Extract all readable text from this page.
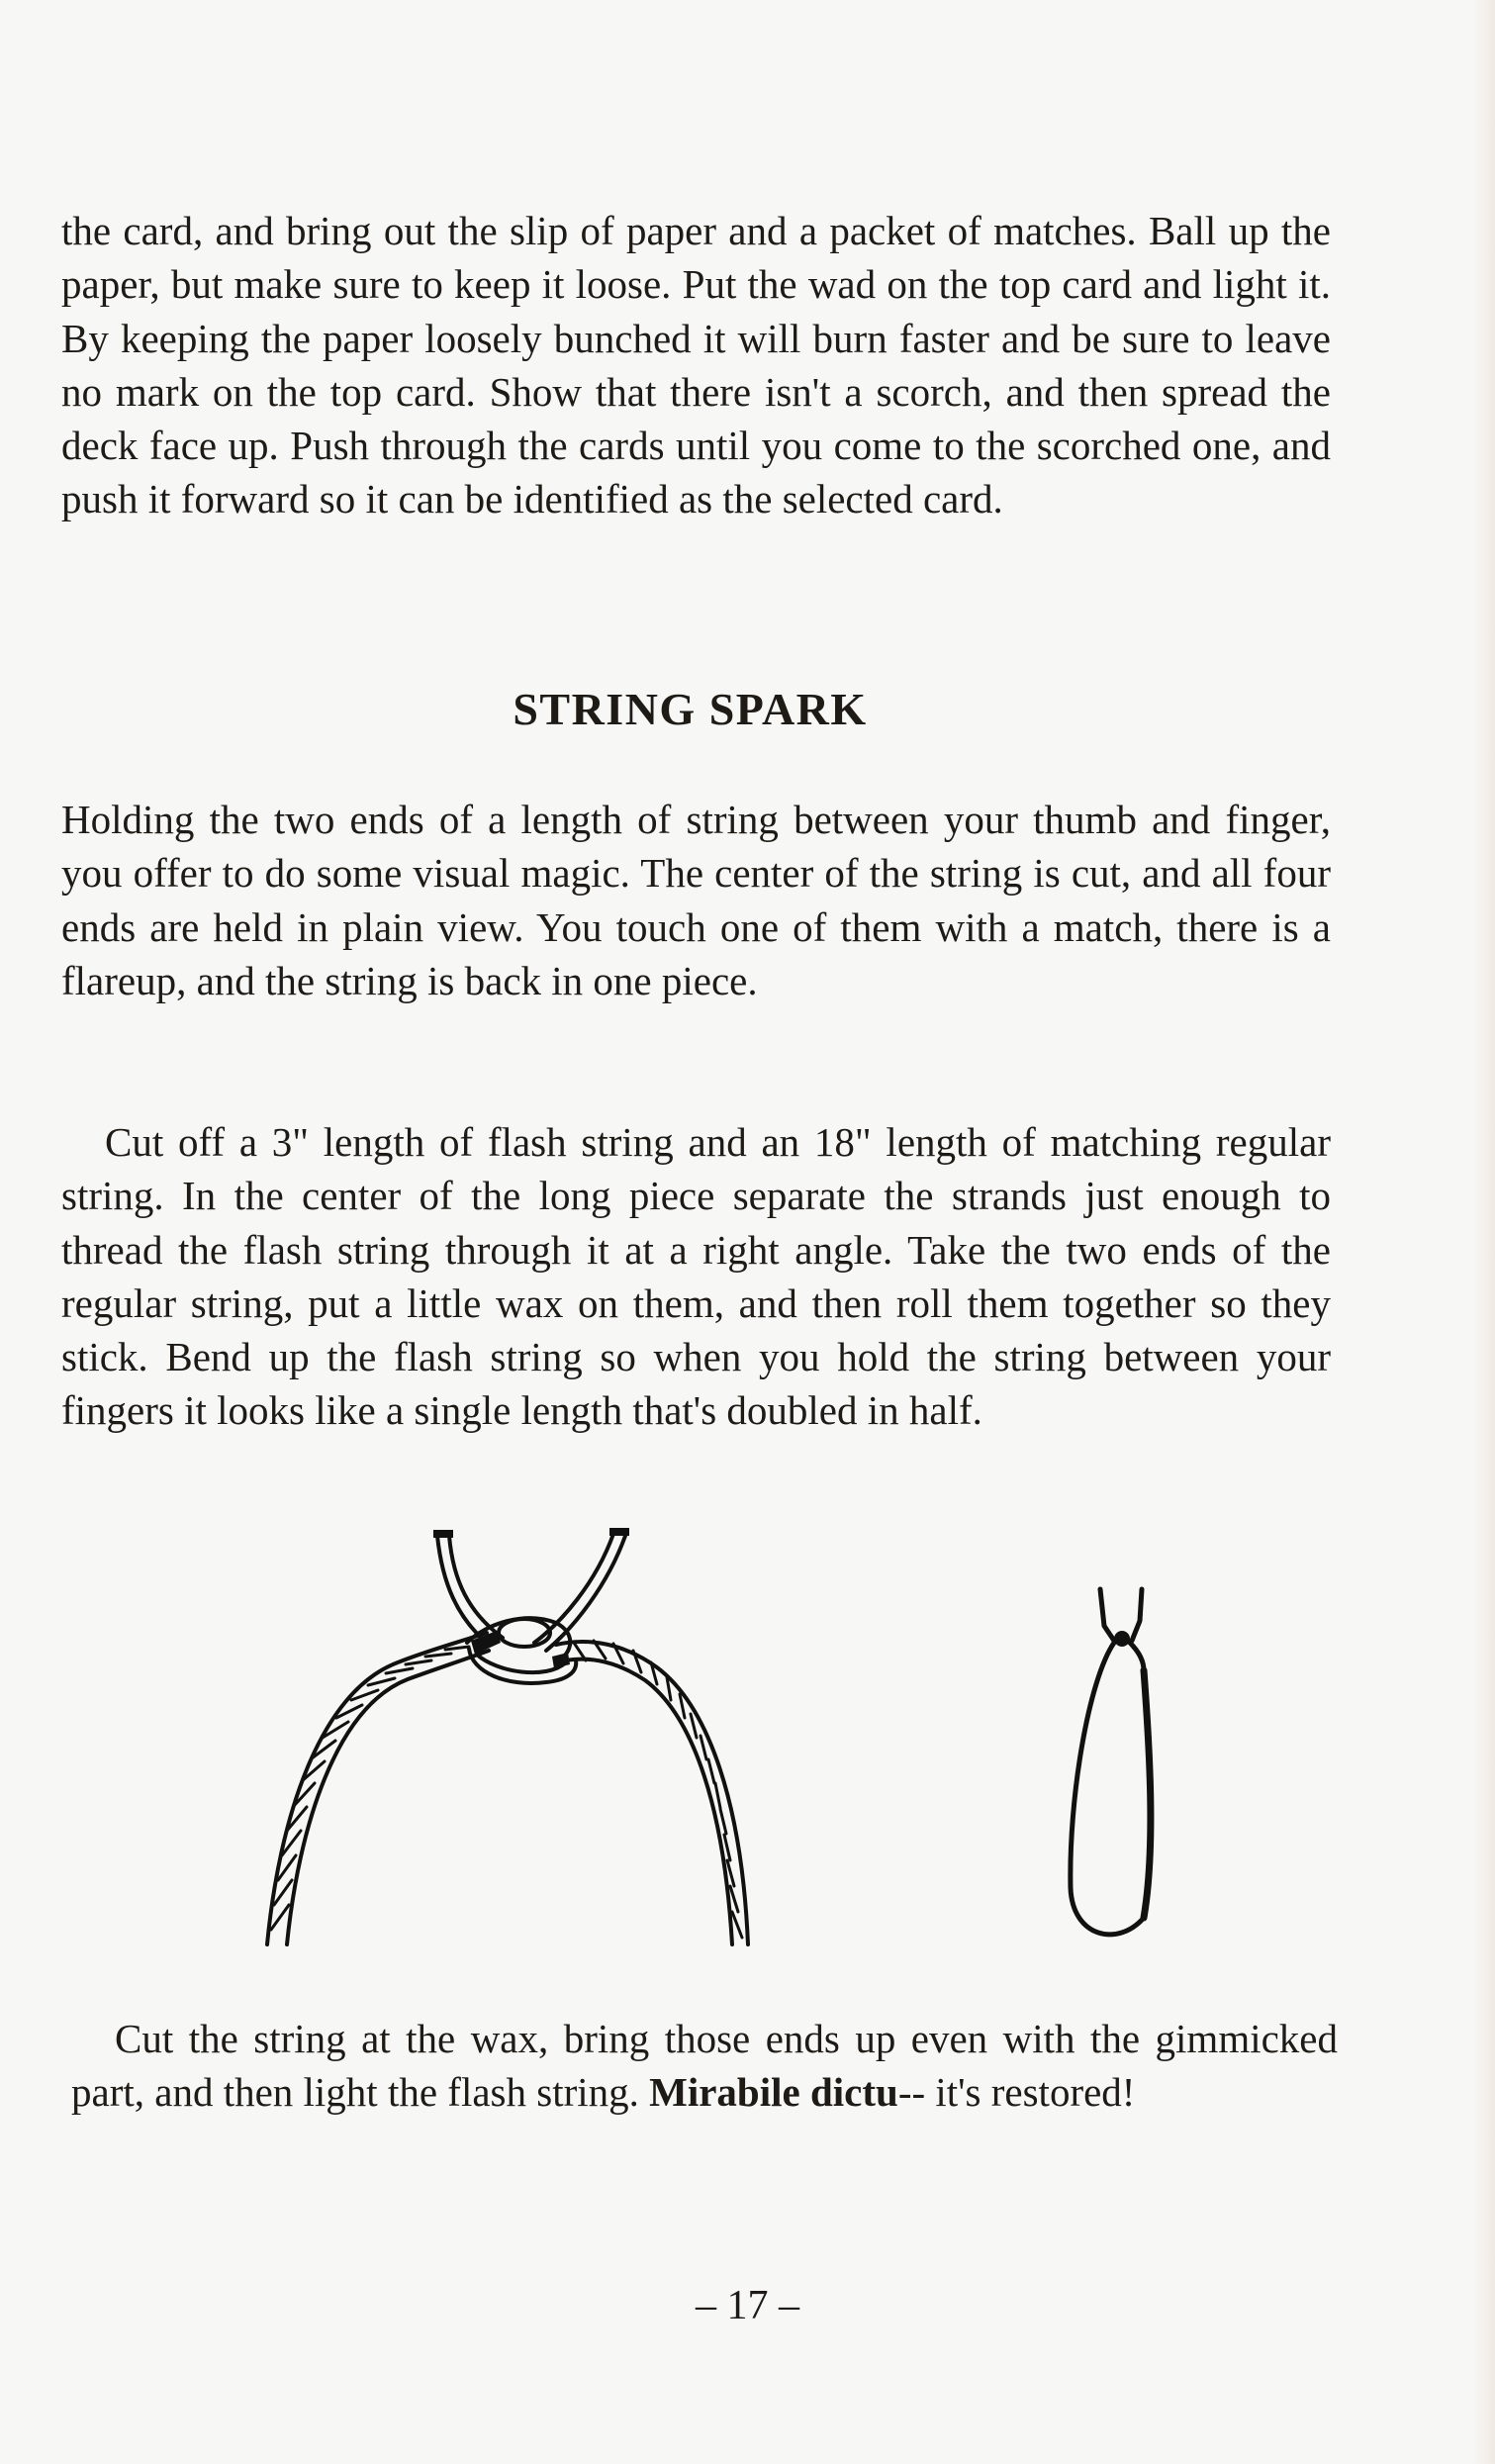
the card, and bring out the slip of paper and a packet of matches. Ball up the paper, but make sure to keep it loose. Put the wad on the top card and light it. By keeping the paper loosely bunched it will burn faster and be sure to leave no mark on the top card. Show that there isn't a scorch, and then spread the deck face up. Push through the cards until you come to the scorched one, and push it forward so it can be identified as the selected card.

STRING SPARK

Holding the two ends of a length of string between your thumb and finger, you offer to do some visual magic. The center of the string is cut, and all four ends are held in plain view. You touch one of them with a match, there is a flareup, and the string is back in one piece.

Cut off a 3" length of flash string and an 18" length of matching regular string. In the center of the long piece separate the strands just enough to thread the flash string through it at a right angle. Take the two ends of the regular string, put a little wax on them, and then roll them together so they stick. Bend up the flash string so when you hold the string between your fingers it looks like a single length that's doubled in half.

Cut the string at the wax, bring those ends up even with the gimmicked part, and then light the flash string. Mirabile dictu-- it's restored!

– 17 –
